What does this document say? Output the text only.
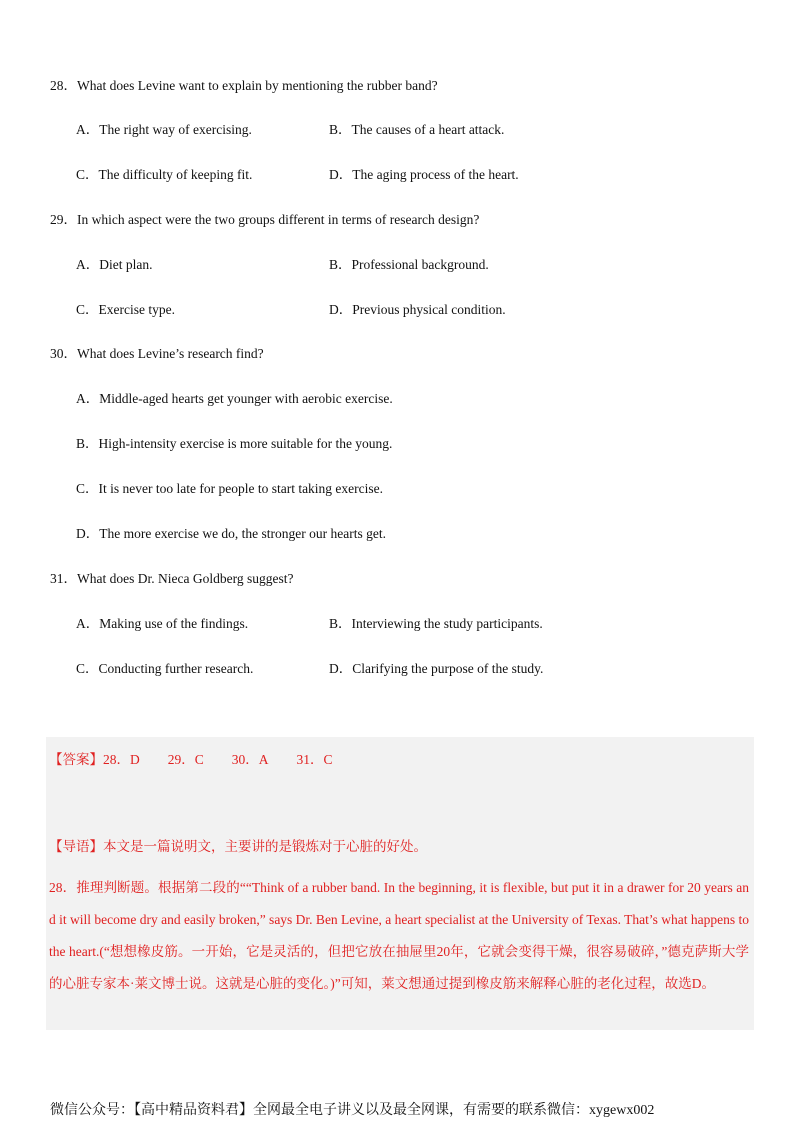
28．What does Levine want to explain by mentioning the rubber band?
A．The right way of exercising.	B．The causes of a heart attack.
C．The difficulty of keeping fit.	D．The aging process of the heart.
29．In which aspect were the two groups different in terms of research design?
A．Diet plan.	B．Professional background.
C．Exercise type.	D．Previous physical condition.
30．What does Levine’s research find?
A．Middle-aged hearts get younger with aerobic exercise.
B．High-intensity exercise is more suitable for the young.
C．It is never too late for people to start taking exercise.
D．The more exercise we do, the stronger our hearts get.
31．What does Dr. Nieca Goldberg suggest?
A．Making use of the findings.	B．Interviewing the study participants.
C．Conducting further research.	D．Clarifying the purpose of the study.
【答案】28．D 29．C 30．A 31．C
【导语】本文是一篇说明文，主要讲的是锻炼对于心脏的好处。
28．推理判断题。根据第二段的““Think of a rubber band. In the beginning, it is flexible, but put it in a drawer for 20 years and it will become dry and easily broken,” says Dr. Ben Levine, a heart specialist at the University of Texas. That’s what happens to the heart.(“想想橡皮筋。一开始，它是灵活的，但把它放在抽屉里20年，它就会变得干燥，很容易破碎，”德克萨斯大学的心脏专家本·莱文博士说。这就是心脏的变化。)”可知，莱文想通过提到橡皮筋来解释心脏的老化过程，故选D。
微信公众号：【高中精品资料君】全网最全电子讲义以及最全网课，有需要的联系微信：xygewx002
